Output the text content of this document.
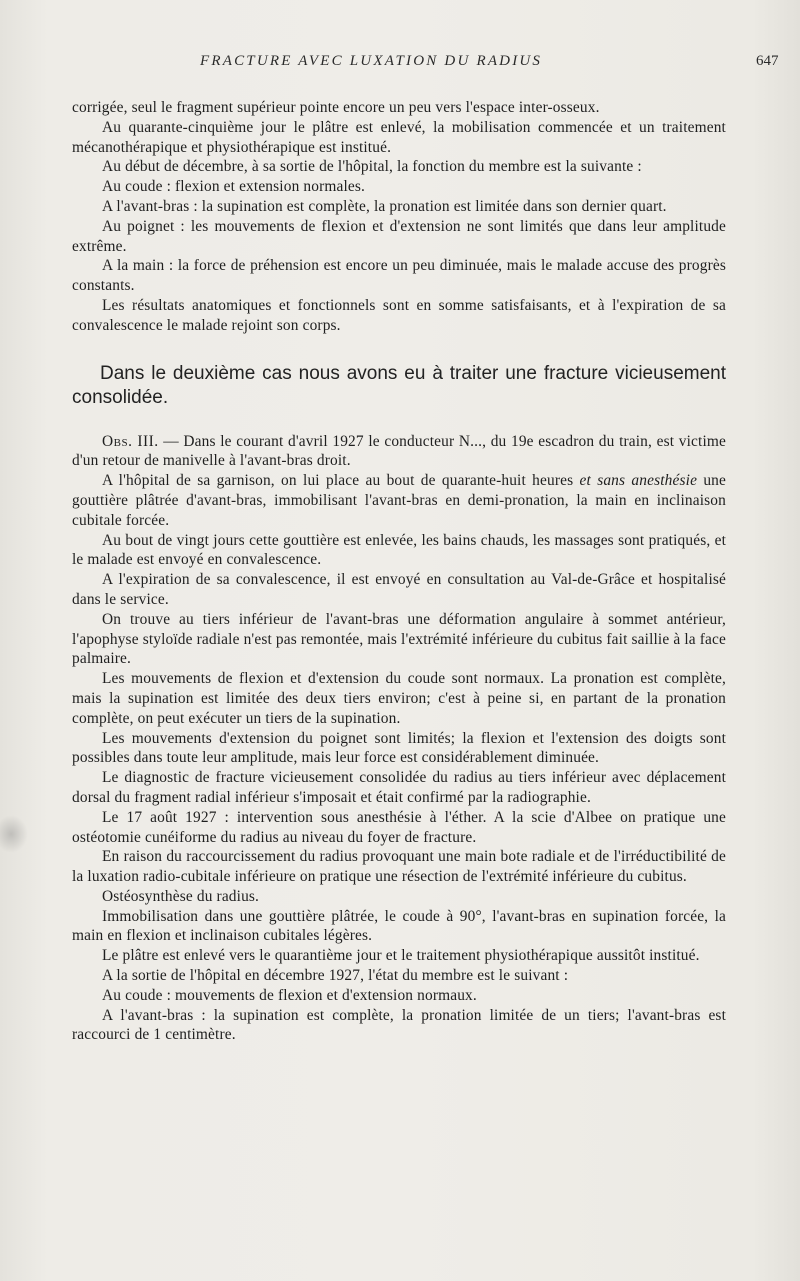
FRACTURE AVEC LUXATION DU RADIUS	647

corrigée, seul le fragment supérieur pointe encore un peu vers l'espace inter-osseux.

Au quarante-cinquième jour le plâtre est enlevé, la mobilisation commencée et un traitement mécanothérapique et physiothérapique est institué.

Au début de décembre, à sa sortie de l'hôpital, la fonction du membre est la suivante :

Au coude : flexion et extension normales.

A l'avant-bras : la supination est complète, la pronation est limitée dans son dernier quart.

Au poignet : les mouvements de flexion et d'extension ne sont limités que dans leur amplitude extrême.

A la main : la force de préhension est encore un peu diminuée, mais le malade accuse des progrès constants.

Les résultats anatomiques et fonctionnels sont en somme satisfaisants, et à l'expiration de sa convalescence le malade rejoint son corps.

Dans le deuxième cas nous avons eu à traiter une fracture vicieusement consolidée.

Obs. III. — Dans le courant d'avril 1927 le conducteur N..., du 19e escadron du train, est victime d'un retour de manivelle à l'avant-bras droit.

A l'hôpital de sa garnison, on lui place au bout de quarante-huit heures et sans anesthésie une gouttière plâtrée d'avant-bras, immobilisant l'avant-bras en demi-pronation, la main en inclinaison cubitale forcée.

Au bout de vingt jours cette gouttière est enlevée, les bains chauds, les massages sont pratiqués, et le malade est envoyé en convalescence.

A l'expiration de sa convalescence, il est envoyé en consultation au Val-de-Grâce et hospitalisé dans le service.

On trouve au tiers inférieur de l'avant-bras une déformation angulaire à sommet antérieur, l'apophyse styloïde radiale n'est pas remontée, mais l'extrémité inférieure du cubitus fait saillie à la face palmaire.

Les mouvements de flexion et d'extension du coude sont normaux. La pronation est complète, mais la supination est limitée des deux tiers environ; c'est à peine si, en partant de la pronation complète, on peut exécuter un tiers de la supination.

Les mouvements d'extension du poignet sont limités; la flexion et l'extension des doigts sont possibles dans toute leur amplitude, mais leur force est considérablement diminuée.

Le diagnostic de fracture vicieusement consolidée du radius au tiers inférieur avec déplacement dorsal du fragment radial inférieur s'imposait et était confirmé par la radiographie.

Le 17 août 1927 : intervention sous anesthésie à l'éther. A la scie d'Albee on pratique une ostéotomie cunéiforme du radius au niveau du foyer de fracture.

En raison du raccourcissement du radius provoquant une main bote radiale et de l'irréductibilité de la luxation radio-cubitale inférieure on pratique une résection de l'extrémité inférieure du cubitus.

Ostéosynthèse du radius.

Immobilisation dans une gouttière plâtrée, le coude à 90°, l'avant-bras en supination forcée, la main en flexion et inclinaison cubitales légères.

Le plâtre est enlevé vers le quarantième jour et le traitement physiothérapique aussitôt institué.

A la sortie de l'hôpital en décembre 1927, l'état du membre est le suivant :

Au coude : mouvements de flexion et d'extension normaux.

A l'avant-bras : la supination est complète, la pronation limitée de un tiers; l'avant-bras est raccourci de 1 centimètre.
